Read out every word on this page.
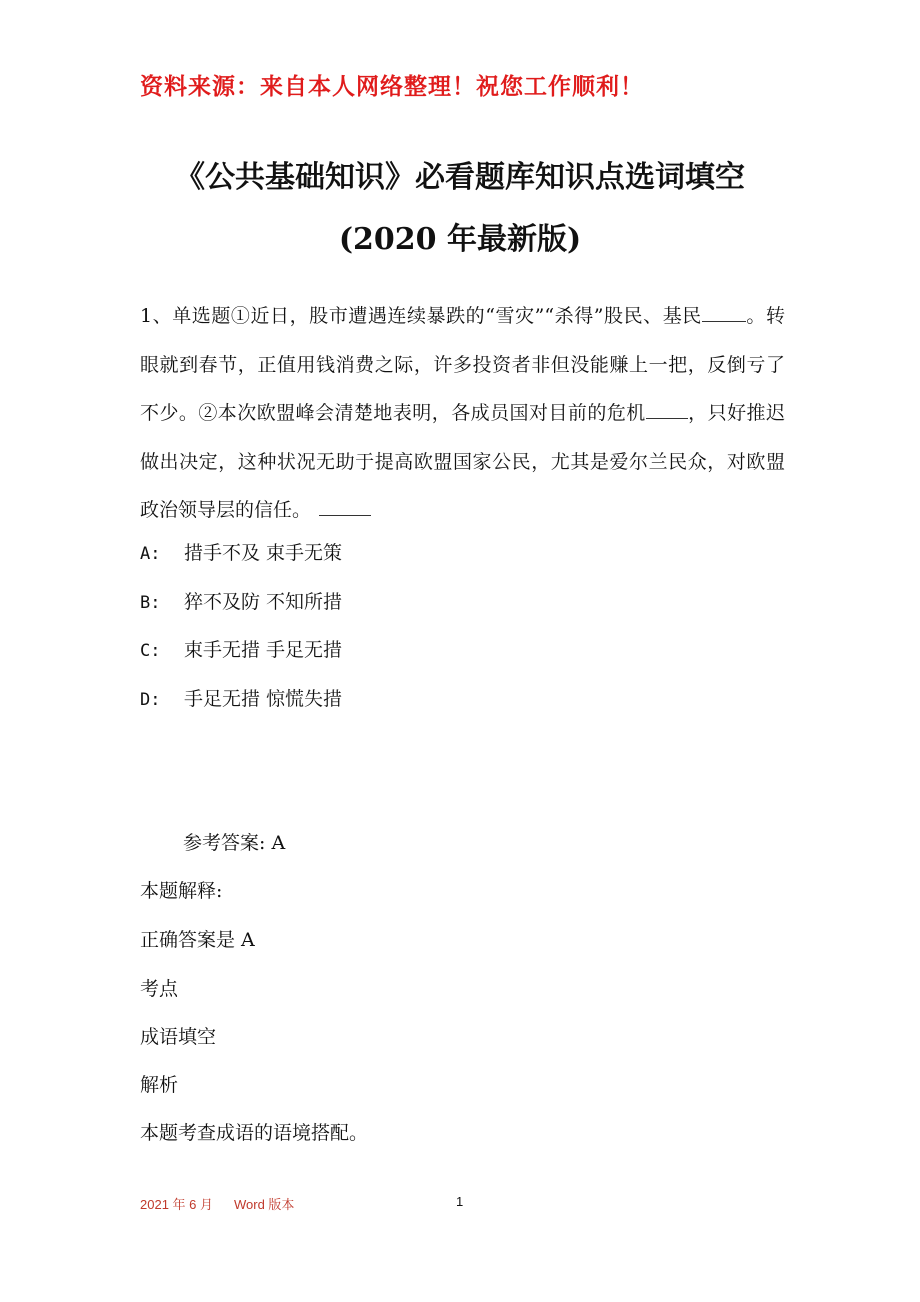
资料来源：来自本人网络整理！祝您工作顺利！
《公共基础知识》必看题库知识点选词填空
(2020 年最新版)
1、单选题①近日，股市遭遇连续暴跌的“雪灾”“杀得”股民、基民 。转眼就到春节，正值用钱消费之际，许多投资者非但没能赚上一把，反倒亏了不少。②本次欧盟峰会清楚地表明，各成员国对目前的危机 ，只好推迟做出决定，这种状况无助于提高欧盟国家公民，尤其是爱尔兰民众，对欧盟政治领导层的信任。
A: 措手不及 束手无策
B: 猝不及防 不知所措
C: 束手无措 手足无措
D: 手足无措 惊慌失措
参考答案: A
本题解释:
正确答案是 A
考点
成语填空
解析
本题考查成语的语境搭配。
2021 年 6 月 Word 版本	1
